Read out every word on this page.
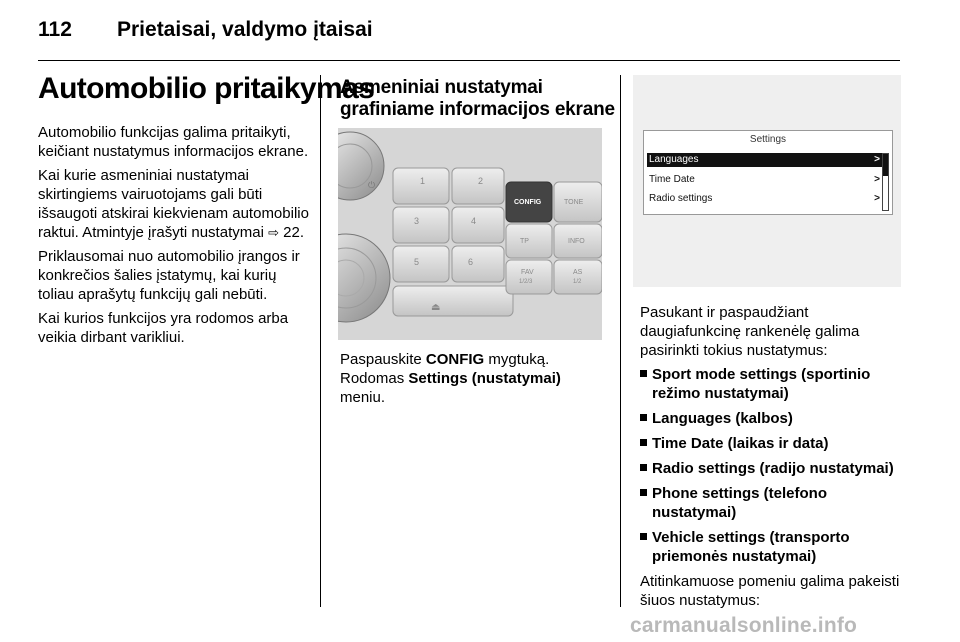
112 Prietaisai, valdymo įtaisai
Automobilio pritaikymas

Automobilio funkcijas galima pritaikyti, keičiant nustatymus informacijos ekrane.

Kai kurie asmeniniai nustatymai skirtingiems vairuotojams gali būti išsaugoti atskirai kiekvienam automobilio raktui. Atmintyje įrašyti nustatymai ⇨ 22.

Priklausomai nuo automobilio įrangos ir konkrečios šalies įstatymų, kai kurių toliau aprašytų funkcijų gali nebūti.

Kai kurios funkcijos yra rodomos arba veikia dirbant varikliui.

Asmeniniai nustatymai
grafiniame informacijos ekrane
⏻
⏏
1	2
3	4
5	6
CONFIG	TONE
TP	INFO
FAV
1/2/3
AS
1/2

Paspauskite CONFIG mygtuką.

Rodomas Settings (nustatymai)

meniu.

Settings
Languages	>
Time Date	>
Radio settings	>

Pasukant ir paspaudžiant daugiafunkcinę rankenėlę galima pasirinkti tokius nustatymus:

Sport mode settings (sportinio režimo nustatymai)
Languages (kalbos)
Time Date (laikas ir data)
Radio settings (radijo nustatymai)
Phone settings (telefono nustatymai)
Vehicle settings (transporto priemonės nustatymai)

Atitinkamuose pomeniu galima pakeisti šiuos nustatymus:

carmanualsonline.info
